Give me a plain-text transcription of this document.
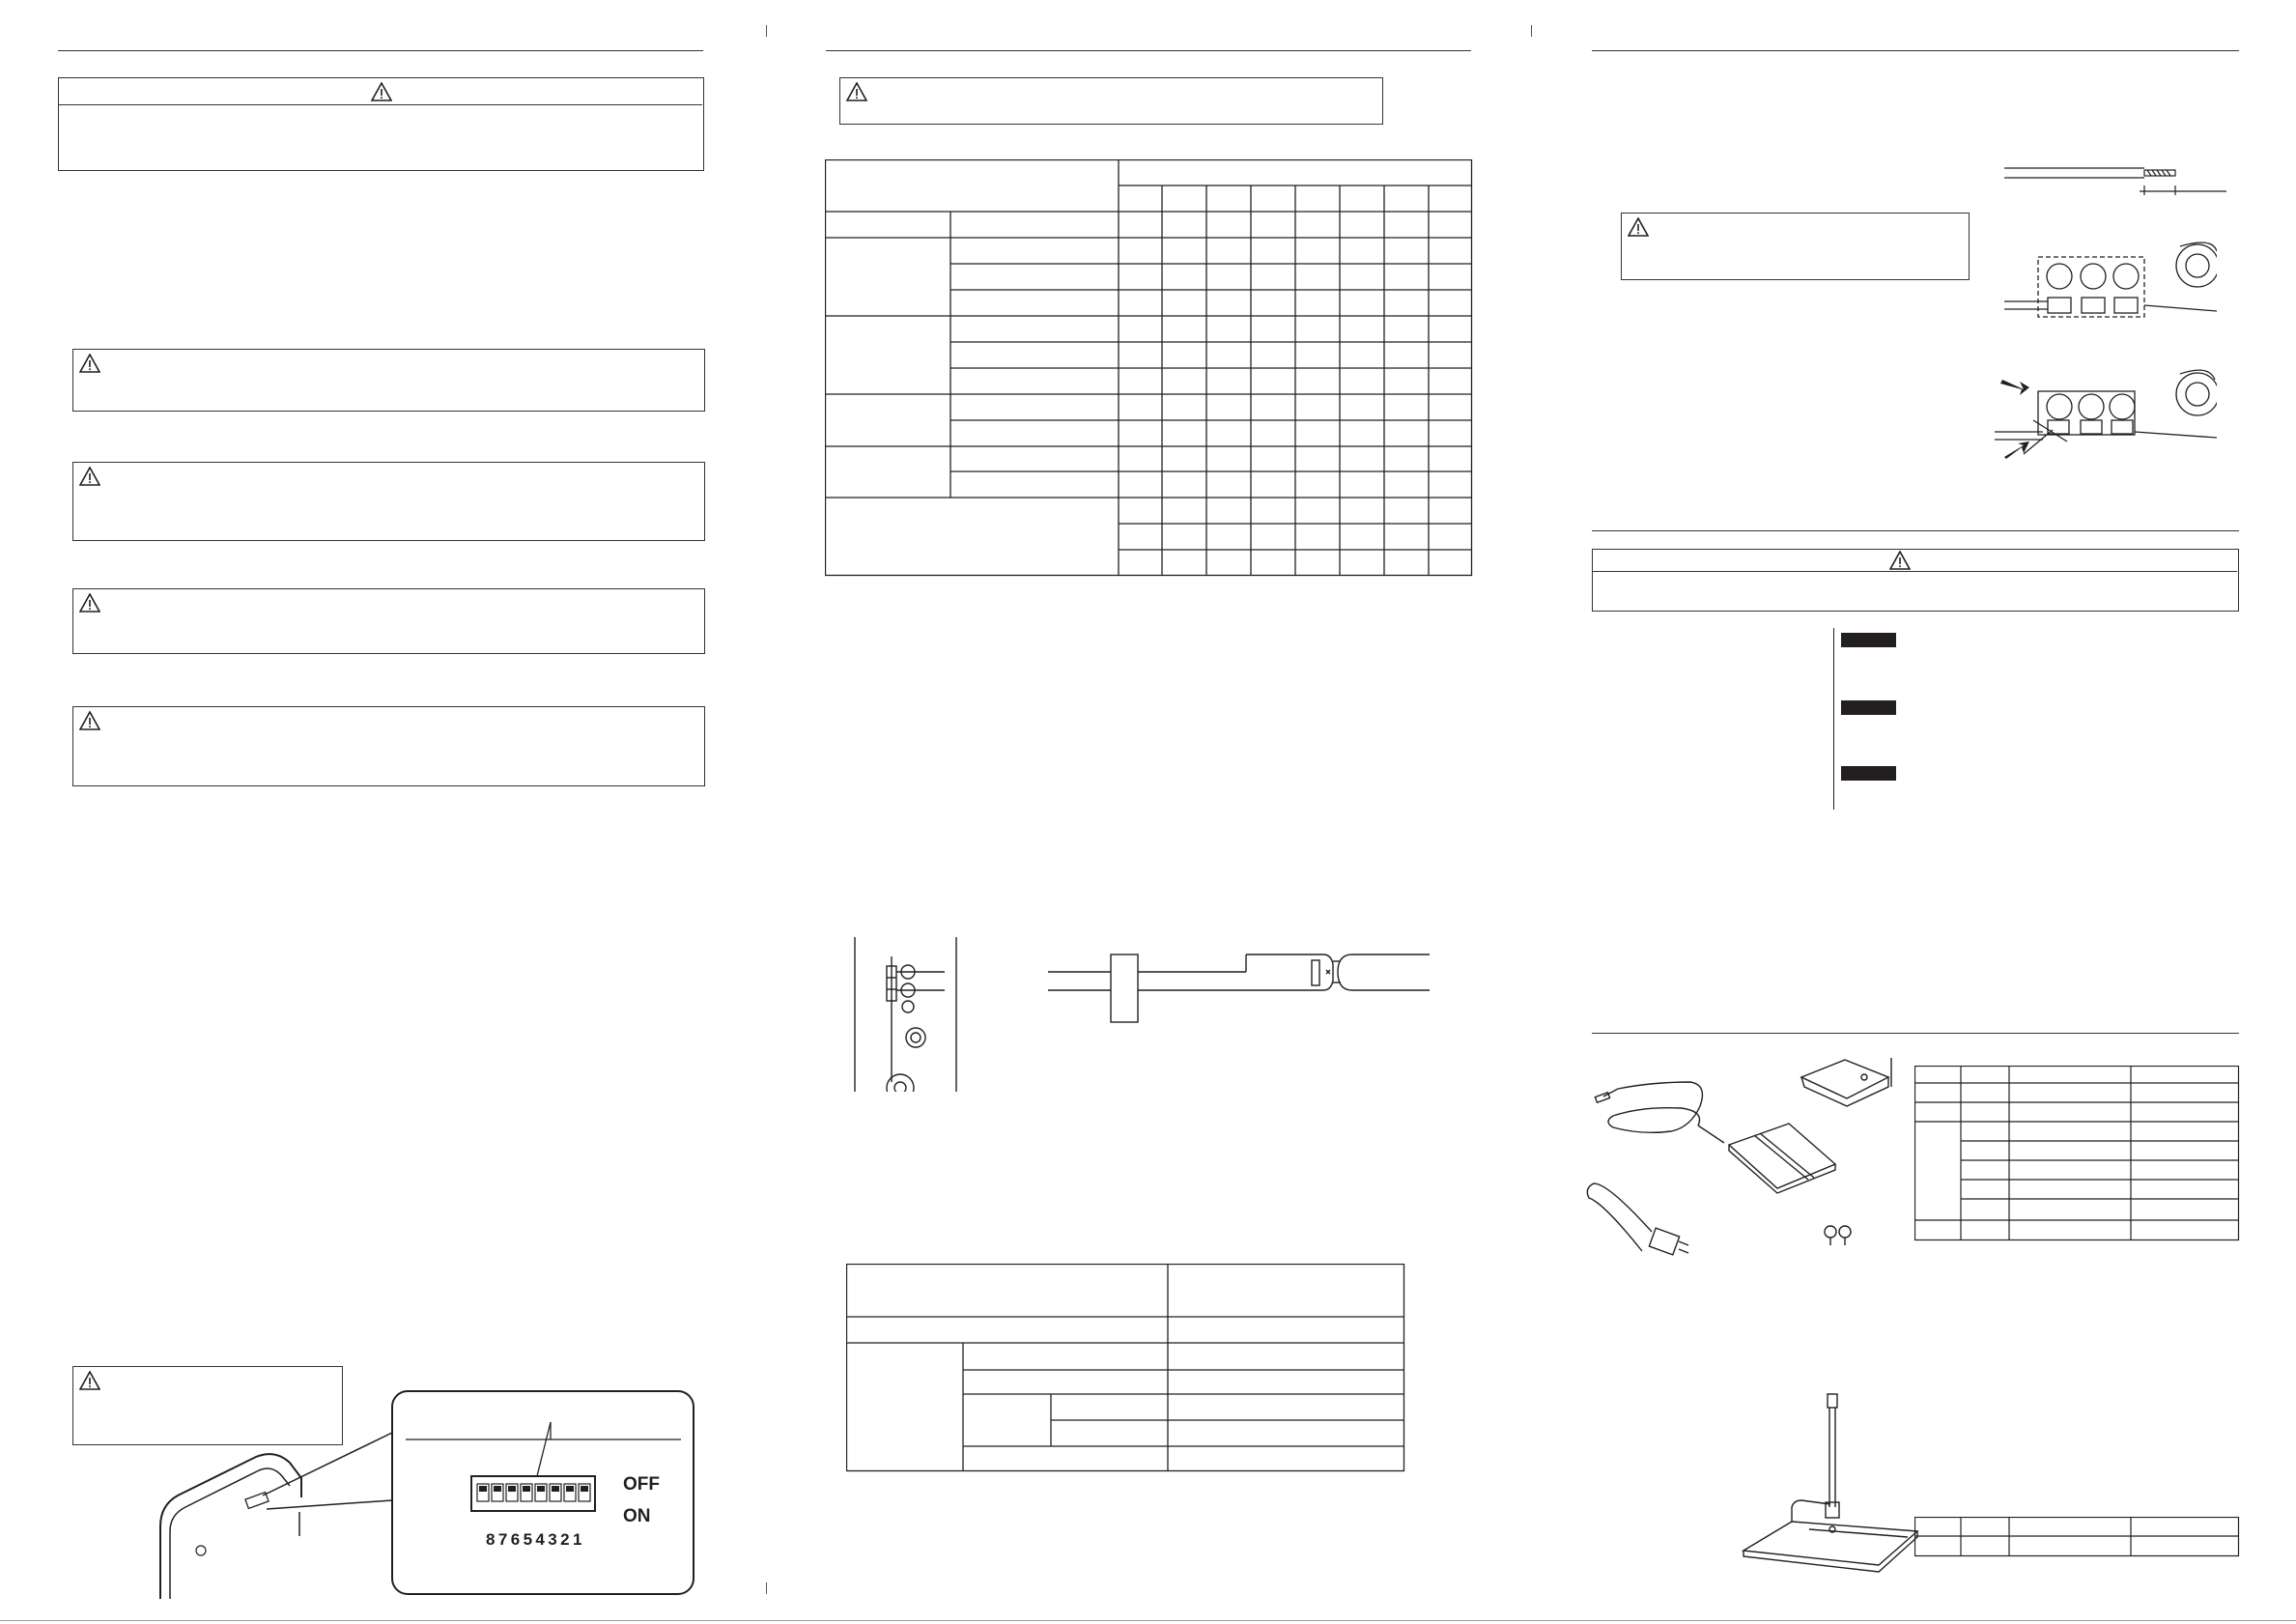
OFF
ON
87654321
